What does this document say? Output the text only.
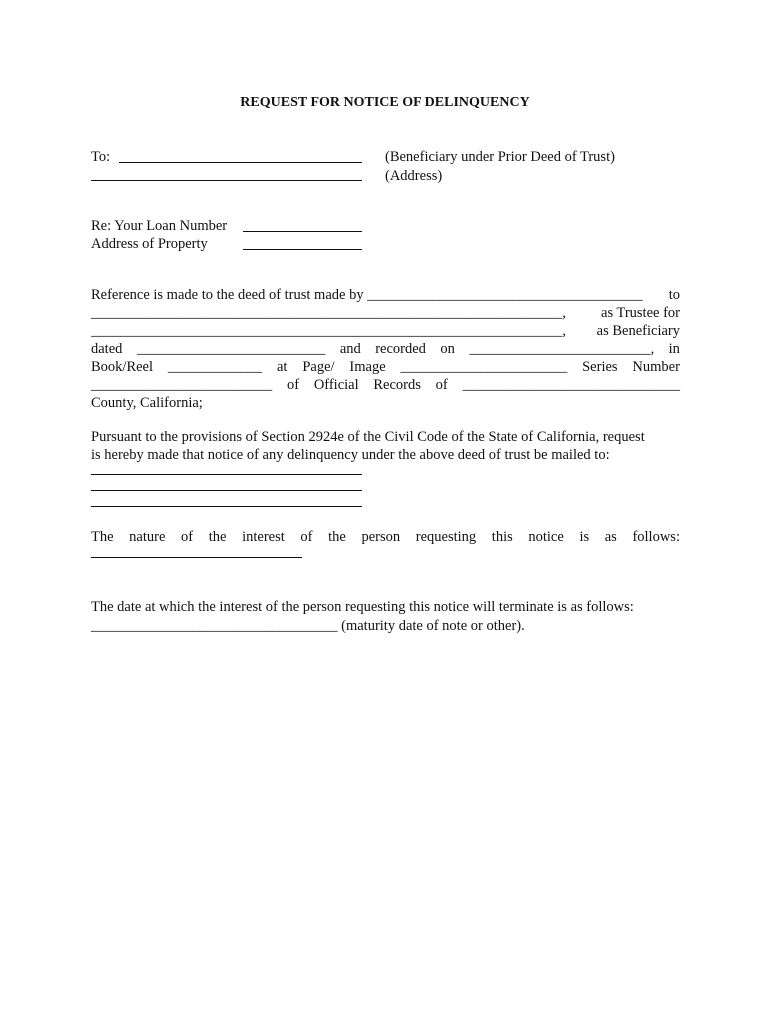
REQUEST FOR NOTICE OF DELINQUENCY
To:	(Beneficiary under Prior Deed of Trust)
(Address)
Re: Your Loan Number
Address of Property
Reference is made to the deed of trust made by ______________________________________ to
_________________________________________________________________, as Trustee for
_________________________________________________________________, as Beneficiary
dated __________________________ and recorded on _________________________, in
Book/Reel _____________ at Page/ Image _______________________ Series Number
_________________________ of Official Records of ______________________________
County, California;
Pursuant to the provisions of Section 2924e of the Civil Code of the State of California, request
is hereby made that notice of any delinquency under the above deed of trust be mailed to:
The nature of the interest of the person requesting this notice is as follows:
The date at which the interest of the person requesting this notice will terminate is as follows:
__________________________________ (maturity date of note or other).
